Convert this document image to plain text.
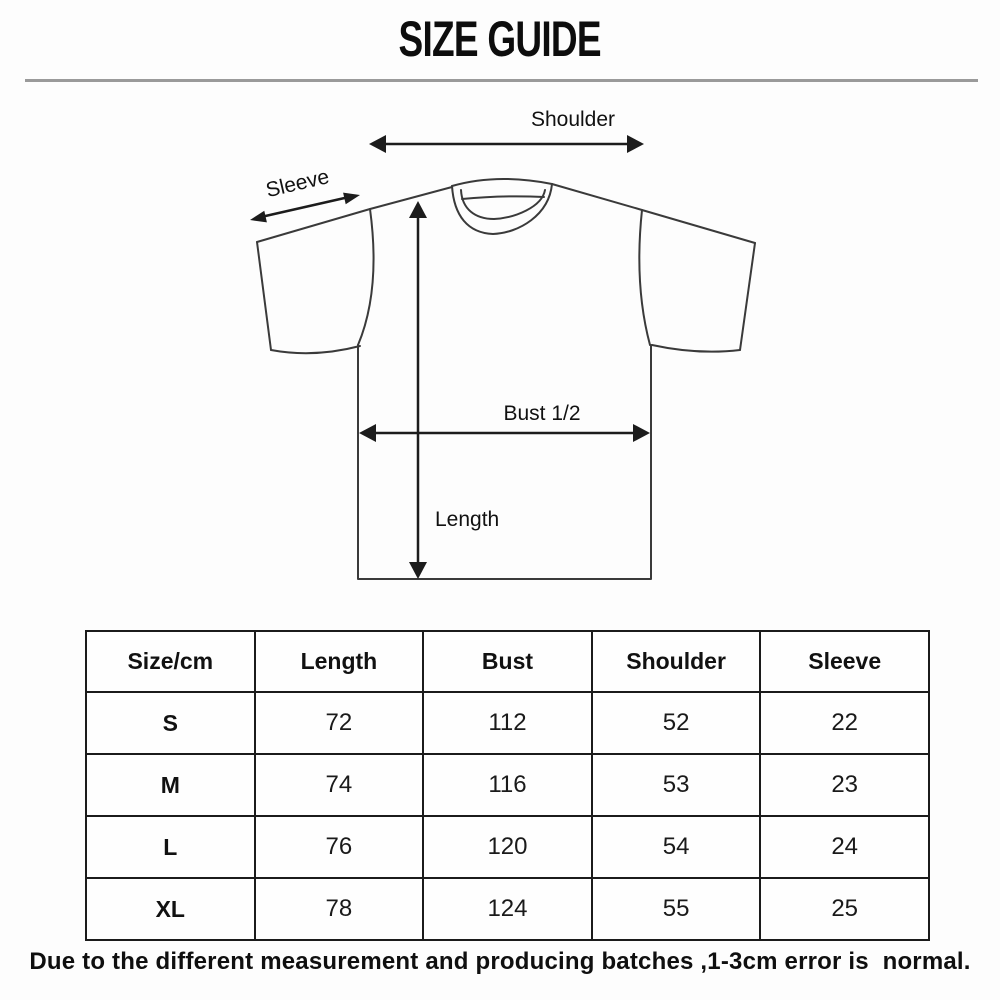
SIZE GUIDE
Shoulder
Sleeve
Bust 1/2
Length
Size/cm	Length	Bust	Shoulder	Sleeve
S	72	112	52	22
M	74	116	53	23
L	76	120	54	24
XL	78	124	55	25
Due to the different measurement and producing batches ,1-3cm error is  normal.
